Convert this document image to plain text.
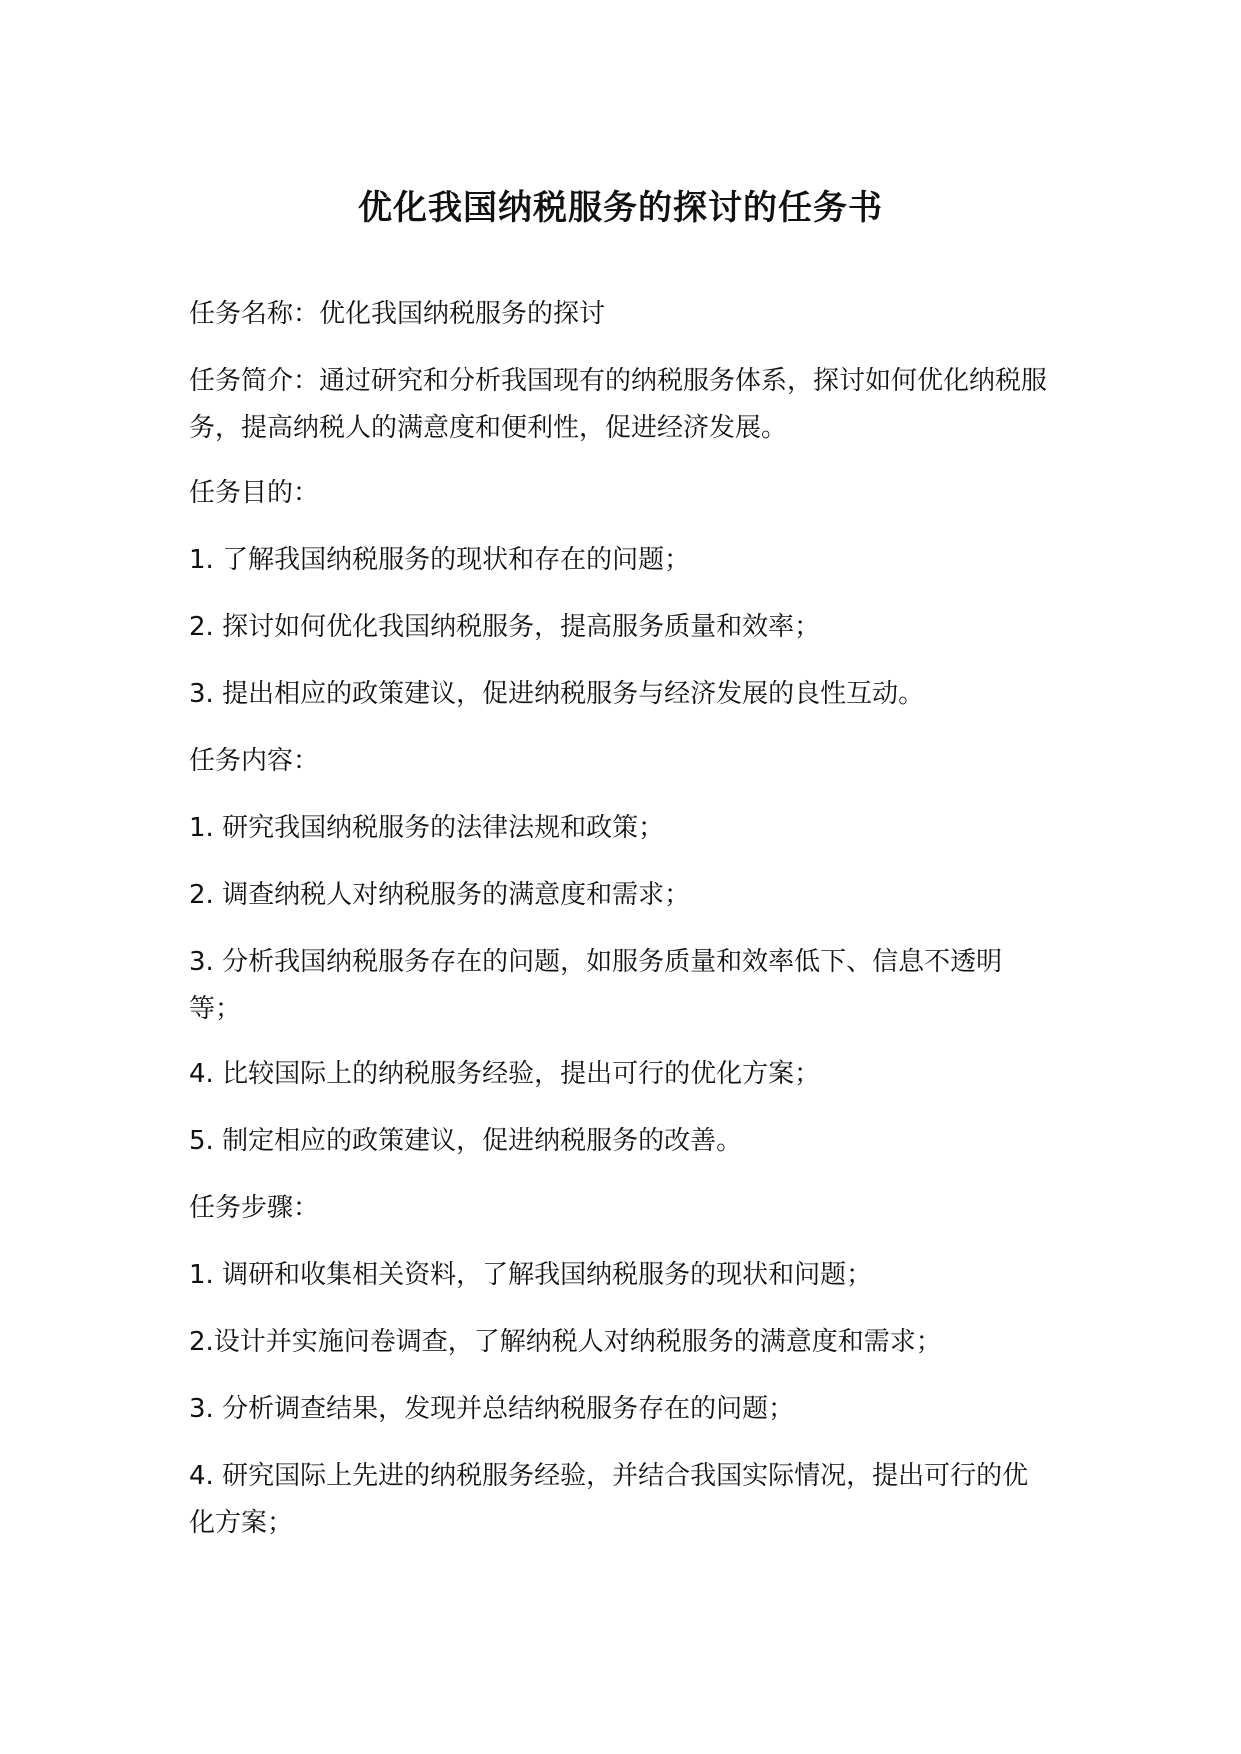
优化我国纳税服务的探讨的任务书
任务名称：优化我国纳税服务的探讨
任务简介：通过研究和分析我国现有的纳税服务体系，探讨如何优化纳税服务，提高纳税人的满意度和便利性，促进经济发展。
任务目的：
1. 了解我国纳税服务的现状和存在的问题；
2. 探讨如何优化我国纳税服务，提高服务质量和效率；
3. 提出相应的政策建议，促进纳税服务与经济发展的良性互动。
任务内容：
1. 研究我国纳税服务的法律法规和政策；
2. 调查纳税人对纳税服务的满意度和需求；
3. 分析我国纳税服务存在的问题，如服务质量和效率低下、信息不透明等；
4. 比较国际上的纳税服务经验，提出可行的优化方案；
5. 制定相应的政策建议，促进纳税服务的改善。
任务步骤：
1. 调研和收集相关资料，了解我国纳税服务的现状和问题；
2.设计并实施问卷调查，了解纳税人对纳税服务的满意度和需求；
3. 分析调查结果，发现并总结纳税服务存在的问题；
4. 研究国际上先进的纳税服务经验，并结合我国实际情况，提出可行的优化方案；
